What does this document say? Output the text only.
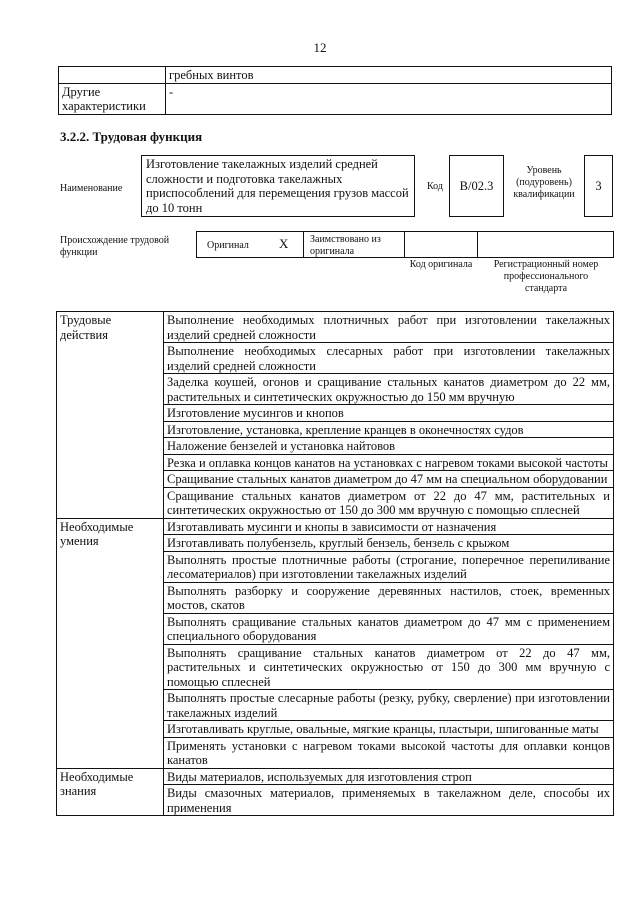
12
	гребных винтов
Другие характеристики	-
3.2.2. Трудовая функция
Наименование
Изготовление такелажных изделий средней сложности и подготовка такелажных приспособлений для перемещения грузов массой до 10 тонн
Код	B/02.3
Уровень (подуровень) квалификации
3
Происхождение трудовой функции
Оригинал X	Заимствовано из оригинала
Код оригинала	Регистрационный номер профессионального стандарта
Трудовые действия	Выполнение необходимых плотничных работ при изготовлении такелажных изделий средней сложности
	Выполнение необходимых слесарных работ при изготовлении такелажных изделий средней сложности
	Заделка коушей, огонов и сращивание стальных канатов диаметром до 22 мм, растительных и синтетических окружностью до 150 мм вручную
	Изготовление мусингов и кнопов
	Изготовление, установка, крепление кранцев в оконечностях судов
	Наложение бензелей и установка найтовов
	Резка и оплавка концов канатов на установках с нагревом токами высокой частоты
	Сращивание стальных канатов диаметром до 47 мм на специальном оборудовании
	Сращивание стальных канатов диаметром от 22 до 47 мм, растительных и синтетических окружностью от 150 до 300 мм вручную с помощью сплесней
Необходимые умения	Изготавливать мусинги и кнопы в зависимости от назначения
	Изготавливать полубензель, круглый бензель, бензель с крыжом
	Выполнять простые плотничные работы (строгание, поперечное перепиливание лесоматериалов) при изготовлении такелажных изделий
	Выполнять разборку и сооружение деревянных настилов, стоек, временных мостов, скатов
	Выполнять сращивание стальных канатов диаметром до 47 мм с применением специального оборудования
	Выполнять сращивание стальных канатов диаметром от 22 до 47 мм, растительных и синтетических окружностью от 150 до 300 мм вручную с помощью сплесней
	Выполнять простые слесарные работы (резку, рубку, сверление) при изготовлении такелажных изделий
	Изготавливать круглые, овальные, мягкие кранцы, пластыри, шпигованные маты
	Применять установки с нагревом токами высокой частоты для оплавки концов канатов
Необходимые знания	Виды материалов, используемых для изготовления строп
	Виды смазочных материалов, применяемых в такелажном деле, способы их применения
